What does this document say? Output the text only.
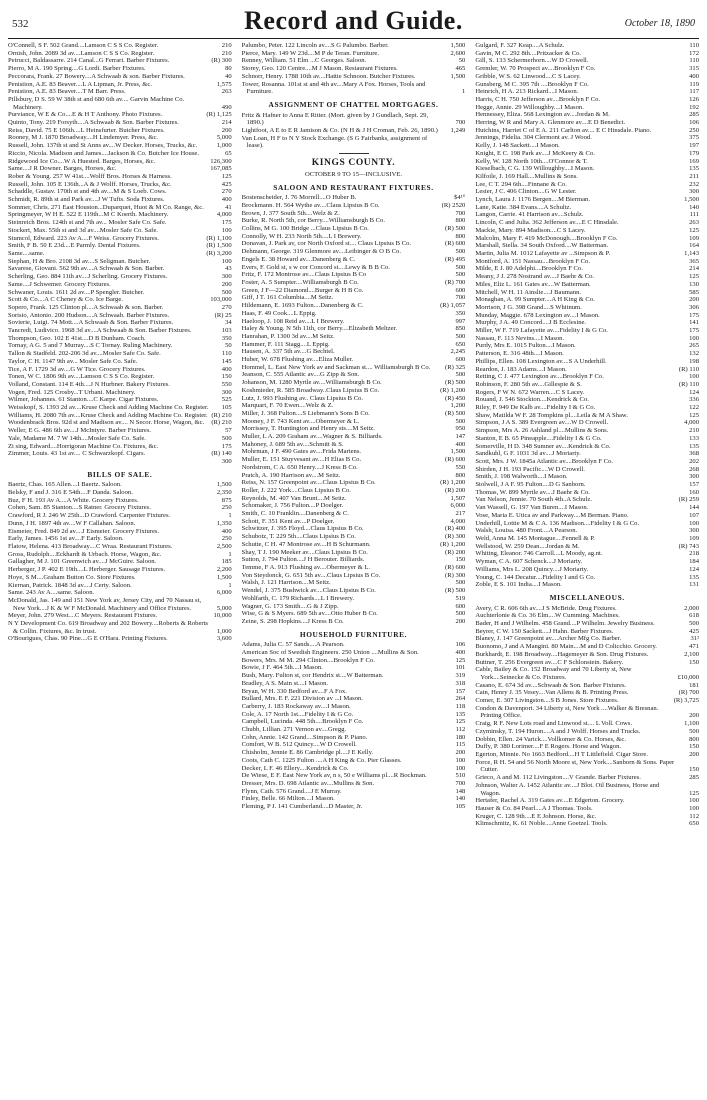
532	Record and Guide.	October 18, 1890
O'Connell, S F. 502 Grand....Lamson C S S Co. Register.	210
Ornish, John. 2089 3d av....Lamson C S S Co. Register.	210
Petrucci, Baldassarre. 214 Canal...G Ferrari. Barber Fixtures.	(R) 300
Pierro, M A. 190 Spring....G Lordi. Barber Fixtures.	80
Peccorara, Frank. 27 Bowery....A Schwaab & son. Barber Fixtures.	40
Penistion, A.E. 83 Beaver....L A Lipman, Jr. Press, &c.	1,575
Penistion, A.E. 83 Beaver....T M Barr. Press.	263
Pillsbury, D S. 59 W 38th st and 680 6th av.... Garvin Machine Co. Machinery.	490
Purviance, W E & Co....E & H T Anthony. Photo Fixtures.	(R) 1,125
Quinto, Tony. 219 Forsyth....A Schwaab & Son. Barber Fixtures.	214
Reiss, David. 75 E 106th....L Heinsfurter. Butcher Fixtures.	200
Rooney, M J. 1870 Broadway....H Lindemyer. Press, &c.	5,000
Russell, John. 137th st and St Anns av....W Decker. Horses, Trucks, &c.	1,000
Riccio, Nicola. Madison and James....Jackson & Co. Butcher Ice House.	65
Ridgewood Ice Co....W A Huested. Barges, Horses, &c.	126,300
Same....J R Downer. Barges, Horses, &c.	167,085
Rober & Young. 257 W 41st....Wolff Bros. Horses & Harness.	125
Russell, John. 105 E 136th...A & J Wolff. Horses, Trucks, &c.	425
Schaddle, Gustav. 170th st and 4th av....M & S Loeb. Cows.	270
Schmidt, R. 89th st and Park av....J W Tufts. Soda Fixtures.	400
Sommer, Chris. 271 East Houston...Duparquet, Huot & M Co. Range, &c.	41
Springmeyer, W H E. 522 E 119th...M C Koerth. Machinery.	4,000
Steinreich Bros. 124th st and 7th av... Mosler Safe Co. Safe.	175
Stockert, Max. 55th st and 3d av....Mosler Safe Co. Safe.	100
Stumcol, Edward. 223 Av A....F Weiss. Grocery Fixtures.	(R) 1,100
Smith, F B. 50 E 23d....E Parmly. Dental Fixtures.	(R) 1,500
Same....same.	(R) 3,200
Stephan, H & Bro. 2108 3d av....S Seligman. Butcher.	100
Savarese, Giovani. 562 9th av....A Schwaab & Son. Barber.	43
Scherling, Geo. 884 11th av....J Scherling. Grocery Fixtures.	300
Same....J Schwemer. Grocery Fixtures.	200
Schwaner, Louis. 1611 2d av....P Spengler. Butcher.	500
Scott & Co....A C Cheney & Co. Ice Barge.	103,000
Sopero, Frank. 125 Clinton pl....A Schwaab & son. Barber.	270
Sorisio, Antonio. 200 Hudson....A Schwaab. Barber Fixtures.	(R) 25
Sovierie, Luigi. 74 Mott....A Schwaab & Son. Barber Fixtures.	34
Tancredi, Ludivico. 1968 3d av....A Schwaab & Son. Barber Fixtures.	103
Thompson, Geo. 102 E 41st....D B Dunham. Coach.	350
Tornay, A G. 5 and 7 Murray....S C Tornay. Ruling Machinery.	50
Tallon & Stadfeld. 202-206 3d av....Mosler Safe Co. Safe.	110
Taylor, C H. 1147 9th av... Mosler Safe Co. Safe.	145
Tice, A F. 1729 3d av....G W Tice. Grocery Fixtures.	400
Tonen, W C. 1806 9th av....Lamson C S S Co. Register.	150
Volland, Constant. 114 E 4th....J N Hurbner. Bakery Fixtures.	550
Vogen, Fred. 125 Crosby...T Urbani. Machinery.	300
Wilmer, Johannes. 61 Stanton....C Karpe. Cigar Fixtures.	525
Weisskopf, S. 1393 2d av....Kruse Check and Adding Machine Co. Register.	105
Williams, H. 2080 7th av....Kruse Check and Adding Machine Co. Register. (R) 210
Woodenbrack Bros. 92d st and Madison av.... N Secor. Horse, Wagon, &c.	(R) 210
Weller, E G. 486 6th av....J McIntyre. Barber Fixtures.	57
Yale, Madame M. 7 W 14th....Mosler Safe Co. Safe.	500
Zi sing, Edward....Horrigoran Machine Co. Fixtures, &c.	175
Zimmer, Louis. 43 1st av.... C Schwarzkopf. Cigars.	(R) 140
300
BILLS OF SALE.
Baertz, Chas. 165 Allen....I Baertz. Saloon.	1,500
Belsky, F and J. 316 E 54th....F Danda. Saloon.	2,350
Buz, F H. 193 Av A....A White. Grocery Fixtures.	875
Cohen, Sam. 85 Stanton....S Ratner. Grocery Fixtures.	250
Crawford, R J. 246 W 25th...D Crawford. Carpenter Fixtures.	1
Dunn, J H. 1897 4th av....W F Callahan. Saloon.	1,350
Eismeier, Fred. 849 2d av....J Eismeier. Grocery Fixtures.	400
Early, James. 1456 1st av....F Early. Saloon.	250
Flatow, Helena. 413 Broadway....C Wraa. Restaurant Fixtures.	2,500
Gross, Rudolph....Eckhardt & Urbach. Horse, Wagon, &c.	1
Gallagher, M J. 101 Greenwich av....J McGuire. Saloon.	185
Herberger, J P. 402 E 19th....L Herberger. Sausage Fixtures.	2,200
Hoye, S M....Graham Button Co. Store Fixtures.	1,500
Kiernan, Patrick. 1848 3d av....J Certy. Saloon.	1
Same. 243 Av A....same. Saloon.	6,000
McDonald, Jas. 149 and 151 New York av, Jersey City, and 70 Nassau st, New York....J K & W F McDonald. Machinery and Office Fixtures.	5,000
Meyer, John. 279 West....C Meyers. Restaurant Fixtures.	10,000
N Y Development Co. 619 Broadway and 202 Bowery....Roberts & Roberts & Collin. Fixtures, &c. In trust.	1,000
O'Bourigues, Chas. 90 Pine....G E O'Hara. Printing Fixtures.	3,600
Palumbo, Peter. 122 Lincoln av....S G Palumbo. Barber.	1,500
Pierce, Mary. 149 W 23d....M P de Teran. Furniture.	2,600
Renney, William. 51 Elm ...C Georges. Saloon.	50
Storey, Geo. 120 Centre....M J Mason. Restaurant Fixtures.	465
Schnorr, Henry. 1788 10th av....Hattie Schnoon. Butcher Fixtures.	1,500
Tower, Rosanna. 101st st and 4th av....Mary A Fox. Horses, Tools and Furniture.	1
ASSIGNMENT OF CHATTEL MORTGAGES.
Fritz & Hafner to Anna E Ritter. (Mort. given by J Gundlach, Sept. 29, 1890.)	700
Lightfoot, A E to E R Jamison & Co. (N H & J H Croman, Feb. 26, 1890.)	1,249
Van Loan, H F to N Y Stock Exchange. (S G Fairbanks, assignment of lease).
KINGS COUNTY.
OCTOBER 9 TO 15—INCLUSIVE.
SALOON AND RESTAURANT FIXTURES.
Bostenscheider, J. 76 Morrell....O Huber B.	$4¹⁰
Brockmann. H. 564 Wythe av....Claus Lipsius B Co.	(R) 2520
Brown, J. 377 South 5th....Welz & Z.	700
Burke, R. North 5th, cor Berry....Williamsburgh B Co.	800
Collins, M G. 100 Bridge ...Claus Lipsius B Co.	(R) 500
Connolly, W H. 233 North 5th....L I Brewery.	800
Donavan, J. Park av, cor North Oxford st.... Claus Lipsius B Co.	(R) 600
Dehmann, George. 319 Glenmore av....Leibinger & O B Co.	500
Engels E. 38 Howard av....Danenberg & C.	(R) 495
Evers, F. Gold st, s w cor Concord st....Lewy & B B Co.	500
Fritz, F. 172 Montrose av....Claus Lipsius B Co	500
Foster, A. 5 Sumpter....Williamsburgh B Co.	(R) 700
Green, J F—22 Diamond....Burger & H B Co.	600
Giff, J T. 161 Columbia....M Seitz.	700
Hildemann, E. 1693 Fulton....Danenberg & C.	(R) 1,057
Haas, F. 49 Cook....L Eppig.	350
Haeloop, J. 108 Reid av....L I Brewery.	997
Haley & Young. N 5th 11th, cor Berry....Elizabeth Meltzer.	850
Hanrahan, P. 1300 3d av....M Seitz.	500
Hammer, F. 111 Stagg....L Eppig.	650
Hausen, A. 337 5th av....G Bechtel.	2,245
Huber, W. 678 Flushing av....Eliza Muller.	600
Hommel, L. East New York av and Sackman st.... Williamsburgh B Co.	(R) 325
Jeanson, C. 555 Atlantic av....G Zipp & Son.	500
Johanson, M. 1280 Myrtle av....Williamsburgh B Co.	(R) 500
Koshmieder, R. 585 Broadway..Claus Lipsius B Co.	(R) 1,200
Lutz, J. 993 Flushing av.. Claus Lipsius B Co.	(R) 450
Marquart, F. 70 Ewen....Welz & Z.	1,200
Miller, J. 368 Fulton....S Liebmann's Sons B Co.	(R) 500
Mooney, J F. 743 Kent av....Obermeyer & L.	500
Morrissey, T. Huntington and Henry sts....M Seitz.	950
Muller, L A. 209 Graham av....Wagner & S. Billiards.	147
Mahoney, J. 689 5th av....Schmitt & S.	400
Mohrman, J F. 490 Gates av....Frida Martens.	1,500
Muller, E. 151 Stuyvesant av....H Elias B Co.	(R) 600
Nordstrom, C A. 650 Henry....J Kress B Co.	550
Pratch, A. 190 Harrison av....M Seitz.	800
Reiss, N. 157 Greenpoint av....Claus Lipsius B Co.	(R) 1,200
Roller, J. 222 York....Claus Lipsius B Co.	(R) 200
Reynolds, M. 407 Van Brunt....M Seitz.	1,507
Schomaker, J. 756 Fulton....P Doelger.	6,000
Smith, C. 10 Franklin....Danenberg & C.	217
Schott, F. 351 Kent av....P Doelger.	4,000
Schwitzer, J. 395 Floyd....Claus Lipsius B Co.	(R) 400
Schubotz, T. 229 5th....Claus Lipsius B Co.	(R) 300
Schutte, C H. 47 Montrose av....H B Schurmann.	(R) 1,200
Shay, T J. 190 Meeker av....Claus Lipsius B Co.	(R) 200
Sutton, J. 794 Fulton....J H Berouter. Billiards.	150
Temme, F A. 913 Flushing av....Obermeyer & L.	(R) 600
Von Steydonck, G. 651 5th av....Claus Lipsius B Co.	(R) 300
Walsh, J. 121 Harrison....M Seitz.	500
Wendel, J. 375 Bushwick av....Claus Lipsius B Co.	(R) 500
Wohlfarth, C. 179 Richards....L I Brewery.	519
Wagner, G. 173 Smith....G & J Zipp.	600
Wise, G & S Myers. 689 5th av....Otto Huber B Co.	500
Zeine, S. 298 Hopkins....J Kress B Co.	200
HOUSEHOLD FURNITURE.
Adams, Julia C. 57 Sands....A Pearson.	106
American Soc of Swedish Engineers. 250 Union ....Mullins & Son.	400
Bowers, Mrs. M M. 294 Clinton....Brooklyn F Co.	125
Bowie, J F. 464 5th....I Mason.	101
Bush, Mary. Fulton st, cor Hendrix st....W Batterman.	319
Bradley, A S. Main st....I Mason.	318
Bryan, W H. 330 Bedford av....F A Fox.	157
Bullard, Mrs. E F. 221 Division av ...I Mason.	264
Carberry, J. 183 Rockaway av....I Mason.	118
Cole, A. 17 North 1st....Fidelity I & G Co.	135
Campbell, Lucinda. 448 5th....Brooklyn F Co.	125
Chubb, Lillian. 271 Vernon av....Gregg.	112
Cohn, Annie. 142 Grand....Simpson & P. Piano.	180
Comfort, W B. 512 Quincy....W D Crowell.	115
Chisholm, Jennie E. 86 Cambridge pl....J E Kelly.	200
Coots, Cath C. 1225 Fulton ....A H King & Co. Pier Glasses.	100
Decker, L F. 46 Ellery....Kendrick & Co.	100
De Wiese, E F. East New York av, n s, 50 e Williams pl....R Bockman.	510
Dresser, Mrs. D. 698 Atlantic av....Mullins & Son.	700
Flynn, Cath. 576 Grand....J E Murray.	148
Finley, Belle. 66 Milton....I Mason.	140
Fleming, P J. 141 Cumberland....D Master, Jr.	105
Gulgard, F. 327 Keap....A Schulz.	110
Gavin, M C. 292 8th....Pritzacker & Co.	172
Gill, S. 133 Schermerhorn....W D Crowell.	110
Gremler, W. 70 Prospect av....Brooklyn F Co.	315
Gribble, W S. 62 Linwood....C S Lacey.	400
Gunsberg, M C. 395 7th ....Brooklyn F Co.	119
Heinrich, H A. 213 Rickard....I Mason.	117
Harris, C H. 750 Jefferson av....Brooklyn F Co.	126
Hegge, Annie. 29 Willoughby....I Mason.	192
Hennessey, Eliza. 568 Lexington av....Jordan & M.	285
Herring, W R and Mary A. Glenmore av....E D Benedict.	106
Hutchins, Harriet C of E A. 211 Carlton av.... E C Hinsdale. Piano.	250
Jennings, Fidelia. 304 Clermont av. J Wood.	375
Kelly, J. 148 Sackett....I Mason.	197
Knight, E C. 198 Park av....J McKeery & Co.	179
Kelly, W. 128 North 10th....O'Connor & T.	169
Kieselbach, C G. 139 Willoughby....I Mason.	135
Kilfoile, J. 169 Hall....Mullins & Sons.	211
Lee, C T. 294 6th....Finnane & Co.	232
Lester, J C. 406 Clinton....G W Lester.	300
Lynch, Laura J. 1176 Bergen....M Bierman.	1,500
Lane, Katie. 384 Evans....A Schultz.	140
Langon, Carrie. 41 Harrison av....Schulz.	111
Lincoln, C and Julia. 362 Jefferson av....E C Hinsdale.	263
Mackie, Mary. 894 Madison....C S Lacey.	125
Malcolm, Mary F. 419 McDonough....Brooklyn F Co.	109
Marshall, Stella. 34 South Oxford....W Batterman.	164
Martin, Julia M. 1012 Lafayette av ...Simpson & P.	1,143
Montford, A. 151 Nassau....Brooklyn F Co.	365
Milde, E J. 80 Adelphi....Brooklyn F Co.	214
Meany, J J. 278 Nostrand av....J Baehr & Co.	125
Miles, Eliz L. 161 Gates av....W Batterman.	130
Mitchell, W H. 11 Ainslie....J Baumann.	585
Monaghan, A. 99 Sumpter....A H King & Co.	200
Morrison, J G. 398 Grand....S Whitnum.	306
Munday, Maggie. 678 Lexington av....I Mason.	175
Murphy, J A. 49 Concord....J B Ecclesine.	141
Miller, W F. 719 Lafayette av....Fidelity I & G Co.	175
Nassau, F. 113 Nevins....I Mason.	100
Purdy, Mrs E. 1015 Fulton....I Mason.	265
Patterson, E. 316 48th....I Mason.	132
Phillips, Ellen. 108 Lexington av....S A Underhill.	198
Reardon, J. 183 Adams....I Mason.	(R) 110
Retting, C J. 477 Lexington av....Brooklyn F Co.	100
Robinson, F. 280 5th av....Gillespie & S.	(R) 110
Rogers, F W N. 672 Warren....C S Lacey.	124
Rouand, J. 546 Stockton....Kendrick & Co.	336
Riley, F. 949 De Kalb av....Fidelity I & G Co.	122
Shaw, Matilda W F. 28 Tompkins pl....Leila & M A Shaw.	125
Simpson, J A S. 389 Evergreen av....W D Crowell.	4,000
Simpson, Mrs A. 26 Ashland pl....Mullins & Sons.	210
Stanton, E B. 65 Pineapple....Fidelity I & G Co.	133
Somerville, H D. 348 Sumner av....Kendrick & Co.	135
Sandkuhl, G F. 1031 3d av....J Moriarty.	368
Scott, Mrs. J W. 1845a Atlantic av....Brooklyn F Co.	202
Shirden, J H. 193 Pacific....W D Crowell.	268
Smith, J. 198 Walworth....I Mason.	300
Stolwell, J A F. 95 Fulton....D G Sanborn.	157
Thomas, W. 899 Myrtle av....J Baehr & Co.	160
Van Nelson, Jennie. 70 South 4th..A Schulz.	(R) 259
Van Wassell, G. 197 Van Buren....I Mason.	144
Vose, Maria E. Utica av and Parkway....M Berman. Piano.	107
Underhill, Lottie M & C A. 136 Madison....Fidelity I & G Co.	100
Walsh, Louisa. 480 Front....A Pearson.	300
Weld, Anna M. 145 Montague....Fennell & P.	109
Wellstood, W. 259 Dean....Jordan & M.	(R) 743
Whiting, Eleanor. 746 Carroll....L Moody, ag.nt.	218
Wyman, C A. 607 Schenck....J Moriarty.	184
Williams, Mrs L. 208 Quincy....J Moriarty.	124
Young, C. 144 Decatur....Fidelity I and G Co.	135
Zoble, E S. 101 India....I Mason.	131
MISCELLANEOUS.
Avery, C R. 606 6th av....J S McBride. Drug Fixtures.	2,000
Auchterlonie & Co. 36 Elm....W Cumming. Machines.	618
Bader, H and J Wilhelm. 458 Grand....P Wilhelm. Jewelry Business.	500
Beyrer, C W. 150 Sackett....J Hahn. Barber Fixtures.	425
Blaney, J. 147 Greenpoint av....Archer Mfg Co. Barber.	31²
Buonomo, J and A Mangini. 80 Main....M and D Colicchio. Grocery.	471
Burkhardt, E. 198 Broadway....Hagemeyer & Son. Drug Fixtures.	2,100
Buttner, T. 256 Evergreen av....C F Schlonstein. Bakery.	150
Cable, Bailey & Co. 152 Broadway and 70 Liberty st, New York....Seinecke & Co. Fixtures.	£10,000
Casano, E. 674 3d av....Schwaab & Son. Barber Fixtures.	181
Cain, Henry J. 35 Vesey....Van Allens & B. Printing Press.	(R) 700
Comer, E. 307 Livingston....S B Jones. Store Fixtures.	(R) 3,725
Condon & Davenport. 34 Liberty st, New York ....Walker & Bresnan. Printing Office.	200
Craig, R F. New Lots road and Linwood st.... L Voll. Cows.	1,100
Czyminsky, T. 194 Huron....A and J Wolff. Horses and Trucks.	500
Dobbin, Ellen. 24 Varick....Vollkomer & Co. Horses, &c.	800
Duffy, P. 380 Lorimer....F E Rogers. Horse and Wagon.	150
Egerton, Minnie. No 1663 Bedford....H T Littlefield. Cigar Store.	200
Force, R H. 54 and 56 North Moore st, New York....Sanborn & Sons. Paper Cutter.	150
Grieco, A and M. 112 Livingston....V Grande. Barber Fixtures.	285
Johnson, Walter A. 1452 Atlantic av....J Blot. Oil Business, Horse and Wagon.	125
Hertafer, Rachel A. 319 Gates av....E Edgerton. Grocery.	100
Hauser & Co. 84 Pearl....A J Thomas. Tools.	100
Kruger, C. 128 9th....E E Johnson. Horse, &c.	112
Klimschmitz, K. 61 Noble....Anne Goetzel. Tools.	650
